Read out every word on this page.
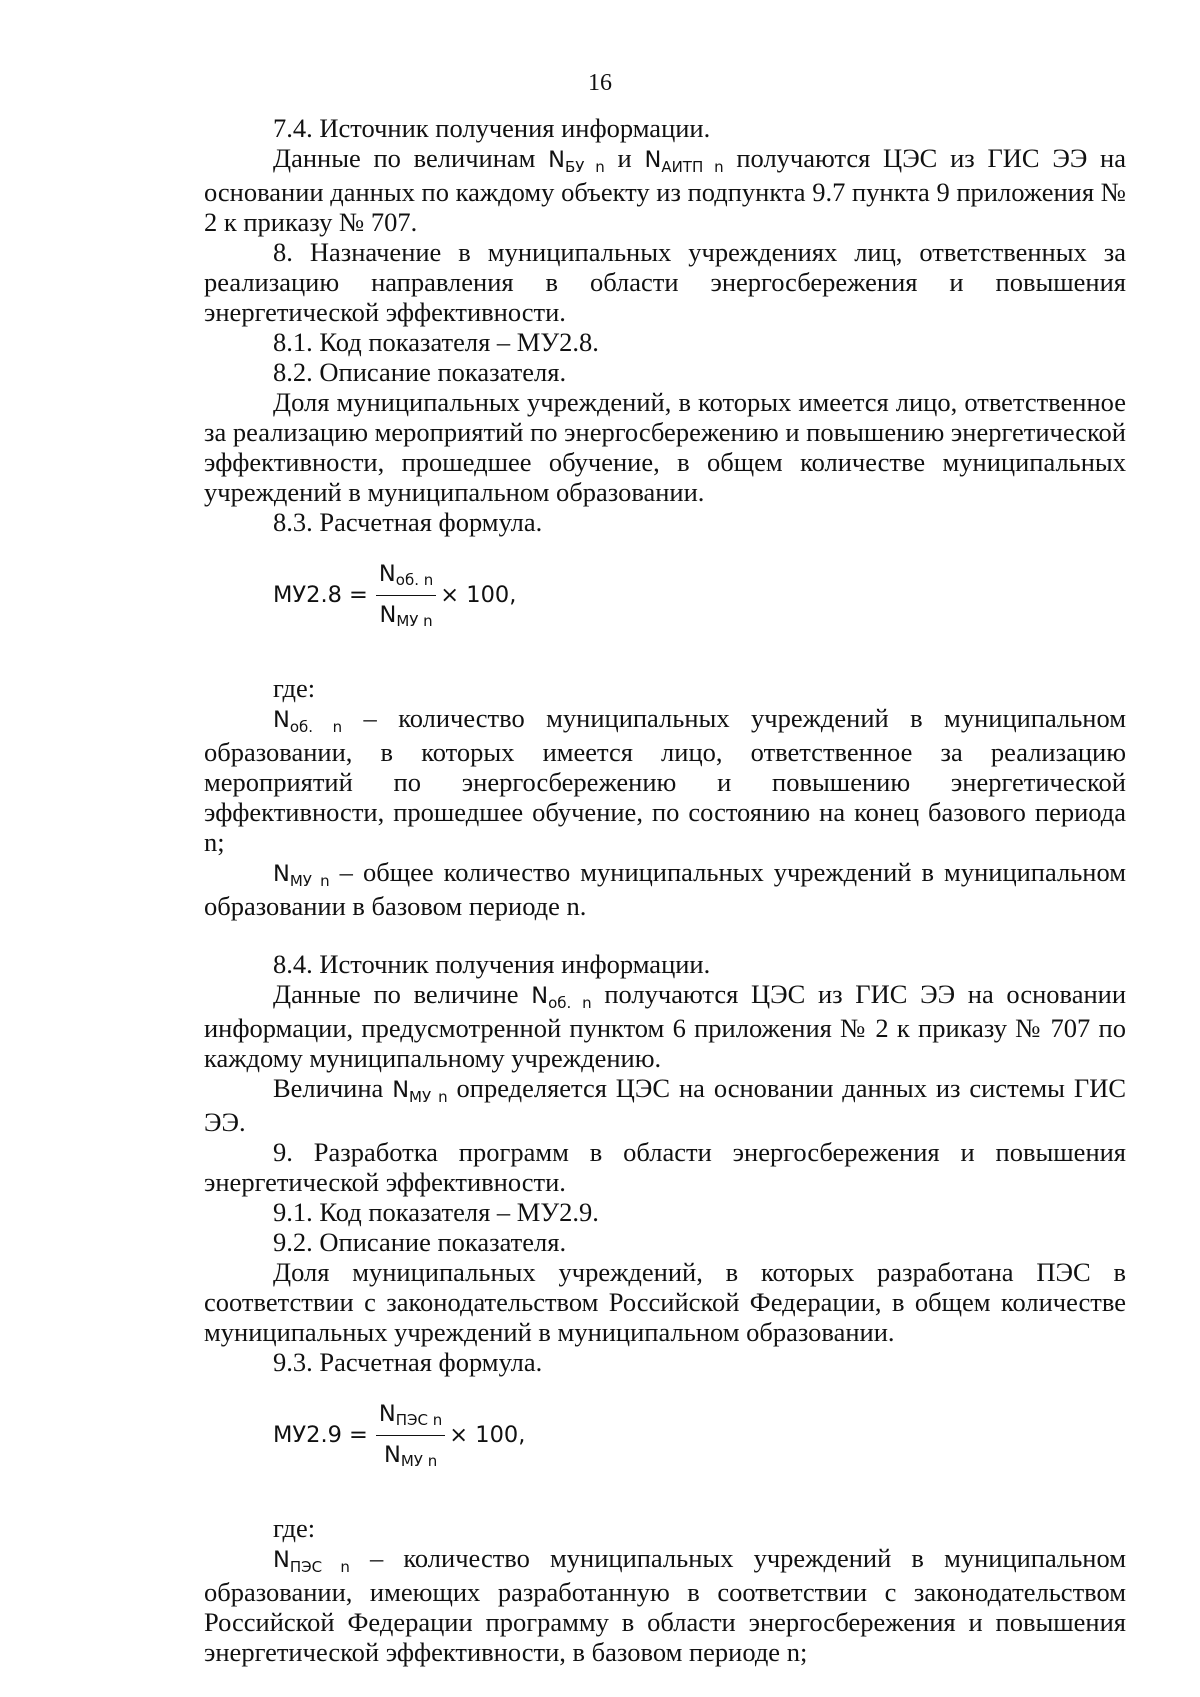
16

7.4. Источник получения информации.

Данные по величинам NБУ n и NАИТП n получаются ЦЭС из ГИС ЭЭ на основании данных по каждому объекту из подпункта 9.7 пункта 9 приложения № 2 к приказу № 707.

8. Назначение в муниципальных учреждениях лиц, ответственных за реализацию направления в области энергосбережения и повышения энергетической эффективности.

8.1. Код показателя – МУ2.8.

8.2. Описание показателя.

Доля муниципальных учреждений, в которых имеется лицо, ответственное за реализацию мероприятий по энергосбережению и повышению энергетической эффективности, прошедшее обучение, в общем количестве муниципальных учреждений в муниципальном образовании.

8.3. Расчетная формула.

$МУ2.8 = \frac{\text{Nоб. n}}{\text{NМУ n}} \times 100$,

где:

Nоб. n – количество муниципальных учреждений в муниципальном образовании, в которых имеется лицо, ответственное за реализацию мероприятий по энергосбережению и повышению энергетической эффективности, прошедшее обучение, по состоянию на конец базового периода n;

NМУ n – общее количество муниципальных учреждений в муниципальном образовании в базовом периоде n.

8.4. Источник получения информации.

Данные по величине Nоб. n получаются ЦЭС из ГИС ЭЭ на основании информации, предусмотренной пунктом 6 приложения № 2 к приказу № 707 по каждому муниципальному учреждению.

Величина NМУ n определяется ЦЭС на основании данных из системы ГИС ЭЭ.

9. Разработка программ в области энергосбережения и повышения энергетической эффективности.

9.1. Код показателя – МУ2.9.

9.2. Описание показателя.

Доля муниципальных учреждений, в которых разработана ПЭС в соответствии с законодательством Российской Федерации, в общем количестве муниципальных учреждений в муниципальном образовании.

9.3. Расчетная формула.

$МУ2.9 = \frac{\text{NПЭС n}}{\text{NМУ n}} \times 100$,

где:

NПЭС n – количество муниципальных учреждений в муниципальном образовании, имеющих разработанную в соответствии с законодательством Российской Федерации программу в области энергосбережения и повышения энергетической эффективности, в базовом периоде n;
